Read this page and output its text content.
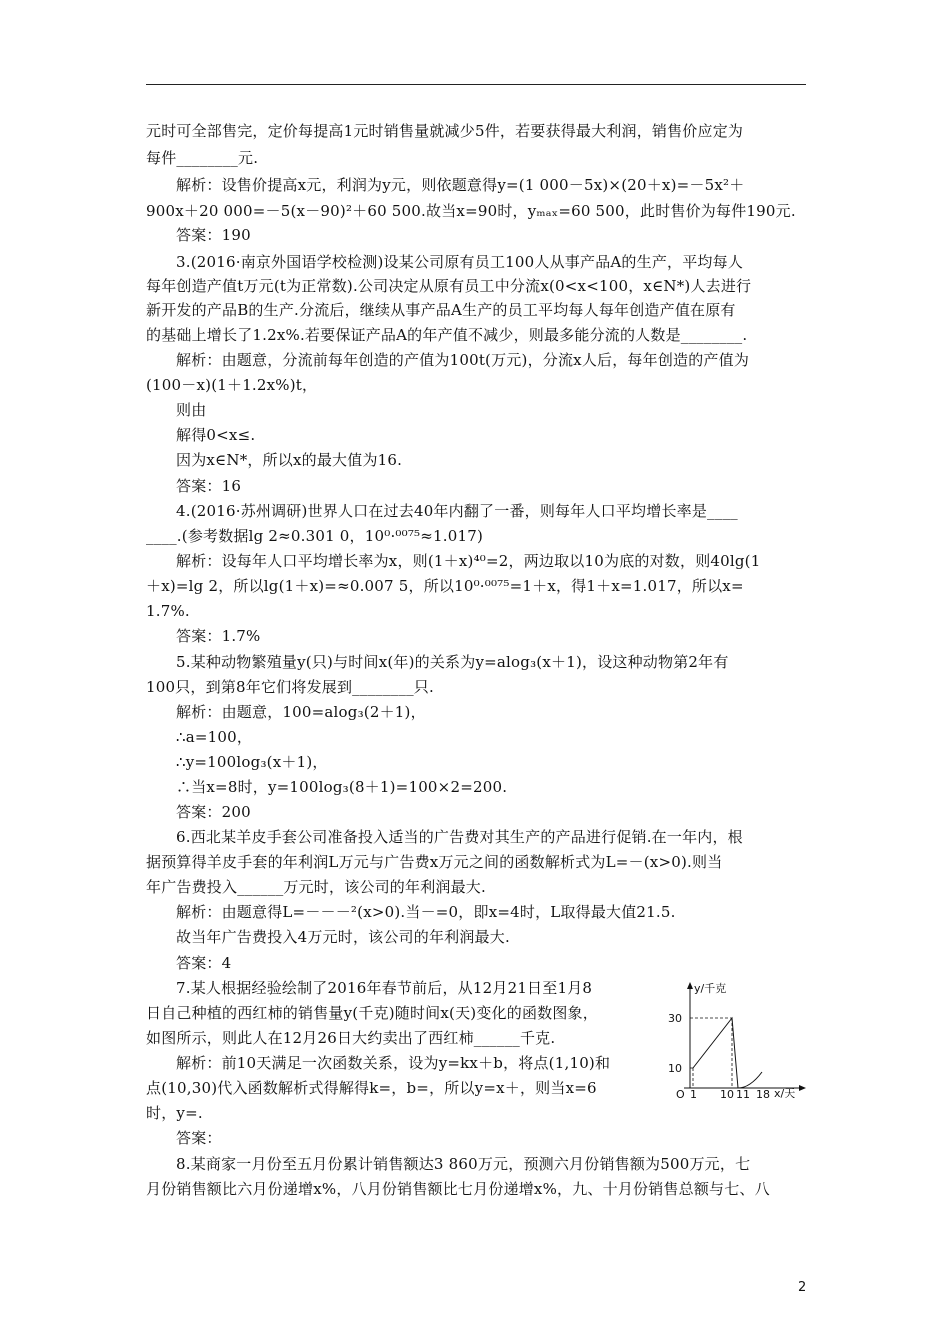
元时可全部售完，定价每提高1元时销售量就减少5件，若要获得最大利润，销售价应定为
每件________元.
解析：设售价提高x元，利润为y元，则依题意得y=(1 000－5x)×(20＋x)=－5x²＋
900x＋20 000=－5(x－90)²＋60 500.故当x=90时，yₘₐₓ=60 500，此时售价为每件190元.
答案：190
3.(2016·南京外国语学校检测)设某公司原有员工100人从事产品A的生产，平均每人
每年创造产值t万元(t为正常数).公司决定从原有员工中分流x(0<x<100，x∈N*)人去进行
新开发的产品B的生产.分流后，继续从事产品A生产的员工平均每人每年创造产值在原有
的基础上增长了1.2x%.若要保证产品A的年产值不减少，则最多能分流的人数是________.
解析：由题意，分流前每年创造的产值为100t(万元)，分流x人后，每年创造的产值为
(100－x)(1＋1.2x%)t，
则由
解得0<x≤.
因为x∈N*，所以x的最大值为16.
答案：16
4.(2016·苏州调研)世界人口在过去40年内翻了一番，则每年人口平均增长率是____
____.(参考数据lg 2≈0.301 0，10⁰·⁰⁰⁷⁵≈1.017)
解析：设每年人口平均增长率为x，则(1＋x)⁴⁰=2，两边取以10为底的对数，则40lg(1
＋x)=lg 2，所以lg(1＋x)=≈0.007 5，所以10⁰·⁰⁰⁷⁵=1＋x，得1＋x=1.017，所以x=
1.7%.
答案：1.7%
5.某种动物繁殖量y(只)与时间x(年)的关系为y=alog₃(x＋1)，设这种动物第2年有
100只，到第8年它们将发展到________只.
解析：由题意，100=alog₃(2＋1)，
∴a=100，
∴y=100log₃(x＋1)，
∴当x=8时，y=100log₃(8＋1)=100×2=200.
答案：200
6.西北某羊皮手套公司准备投入适当的广告费对其生产的产品进行促销.在一年内，根
据预算得羊皮手套的年利润L万元与广告费x万元之间的函数解析式为L=－(x>0).则当
年广告费投入______万元时，该公司的年利润最大.
解析：由题意得L=－－－²(x>0).当－=0，即x=4时，L取得最大值21.5.
故当年广告费投入4万元时，该公司的年利润最大.
答案：4
7.某人根据经验绘制了2016年春节前后，从12月21日至1月8
日自己种植的西红柿的销售量y(千克)随时间x(天)变化的函数图象，
如图所示，则此人在12月26日大约卖出了西红柿______千克.
解析：前10天满足一次函数关系，设为y=kx＋b，将点(1,10)和
点(10,30)代入函数解析式得解得k=，b=，所以y=x＋，则当x=6
时，y=.
答案：
8.某商家一月份至五月份累计销售额达3 860万元，预测六月份销售额为500万元，七
月份销售额比六月份递增x%，八月份销售额比七月份递增x%，九、十月份销售总额与七、八
y/千克
x/天
O
30
10
1 10 11 18
2
